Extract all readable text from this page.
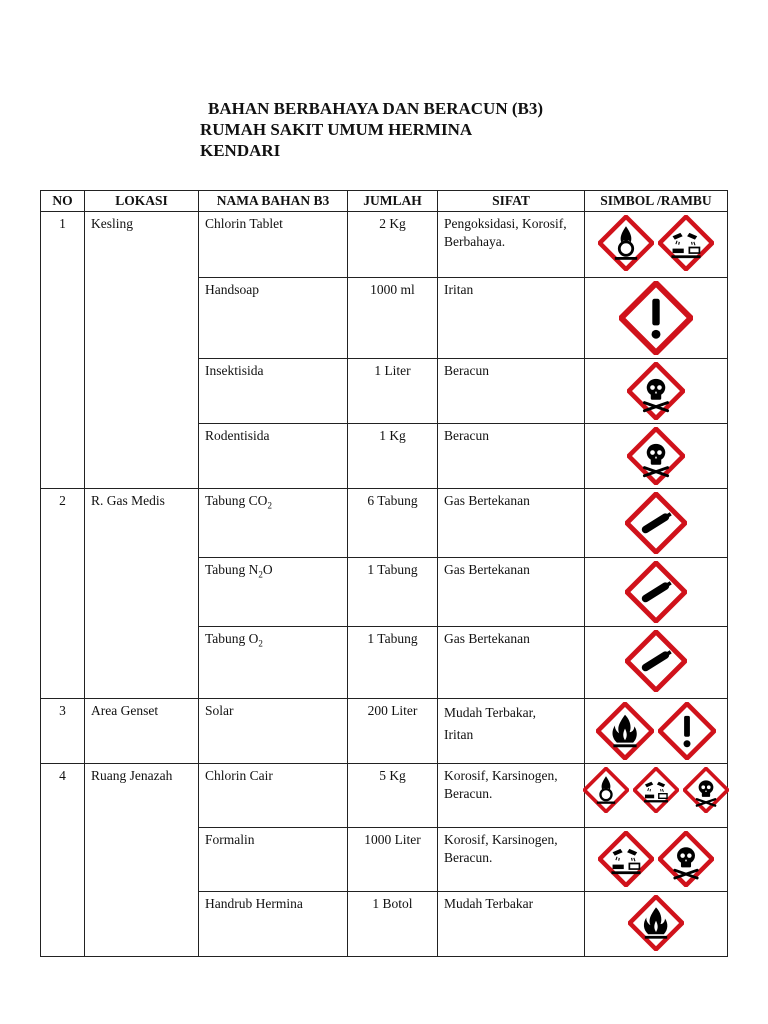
BAHAN BERBAHAYA DAN BERACUN (B3)
RUMAH SAKIT UMUM HERMINA
KENDARI
NO	LOKASI	NAMA BAHAN B3	JUMLAH	SIFAT	SIMBOL /RAMBU
1	Kesling	Chlorin Tablet	2 Kg	Pengoksidasi, Korosif, Berbahaya.	

		Handsoap	1000 ml	Iritan	

		Insektisida	1 Liter	Beracun	

		Rodentisida	1 Kg	Beracun	

2	R. Gas Medis	Tabung $CO_2$	6 Tabung	Gas Bertekanan	

		Tabung $N_2O$	1 Tabung	Gas Bertekanan	

		Tabung $O_2$	1 Tabung	Gas Bertekanan	

3	Area Genset	Solar	200 Liter	Mudah Terbakar,
Iritan

4	Ruang Jenazah	Chlorin Cair	5 Kg	Korosif, Karsinogen, Beracun.	

		Formalin	1000 Liter	Korosif, Karsinogen, Beracun.	

		Handrub Hermina	1 Botol	Mudah Terbakar	
